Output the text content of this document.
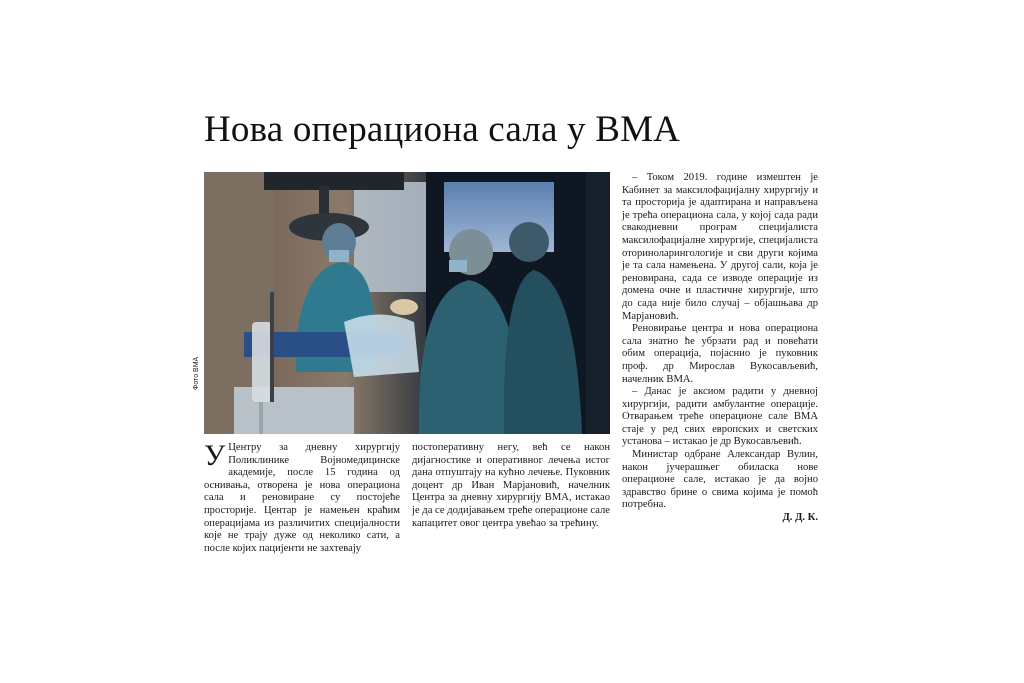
Нова операциона сала у ВМА
Фото ВМА

У Центру за дневну хирургију Поликлинике Војномедицинске академије, после 15 година од оснивања, отворена је нова операциона сала и реновиране су постојеће просторије. Центар је намењен краћим операцијама из различитих специјалности које не трају дуже од неколико сати, а после којих пацијенти не захтевају

постоперативну негу, већ се након дијагностике и оперативног лечења истог дана отпуштају на кућно лечење. Пуковник доцент др Иван Марјановић, начелник Центра за дневну хирургију ВМА, истакао је да се додијавањем треће операционе сале капацитет овог центра увећао за трећину.

– Током 2019. године измештен је Кабинет за максилофацијалну хирургију и та просторија је адаптирана и направљена је трећа операциона сала, у којој сада ради свакодневни програм специјалиста максилофацијалне хирургије, специјалиста оториноларингологије и сви други којима је та сала намењена. У другој сали, која је реновирана, сада се изводе операције из домена очне и пластичне хирургије, што до сада није било случај – објашњава др Марјановић.

Реновирање центра и нова операциона сала знатно ће убрзати рад и повећати обим операција, појаснио је пуковник проф. др Мирослав Вукосављевић, начелник ВМА.

– Данас је аксиом радити у дневној хирургији, радити амбулантне операције. Отварањем треће операционе сале ВМА стаје у ред свих европских и светских установа – истакао је др Вукосављевић.

Министар одбране Александар Вулин, након јучерашњег обиласка нове операционе сале, истакао је да војно здравство брине о свима којима је помоћ потребна.

Д. Д. К.
